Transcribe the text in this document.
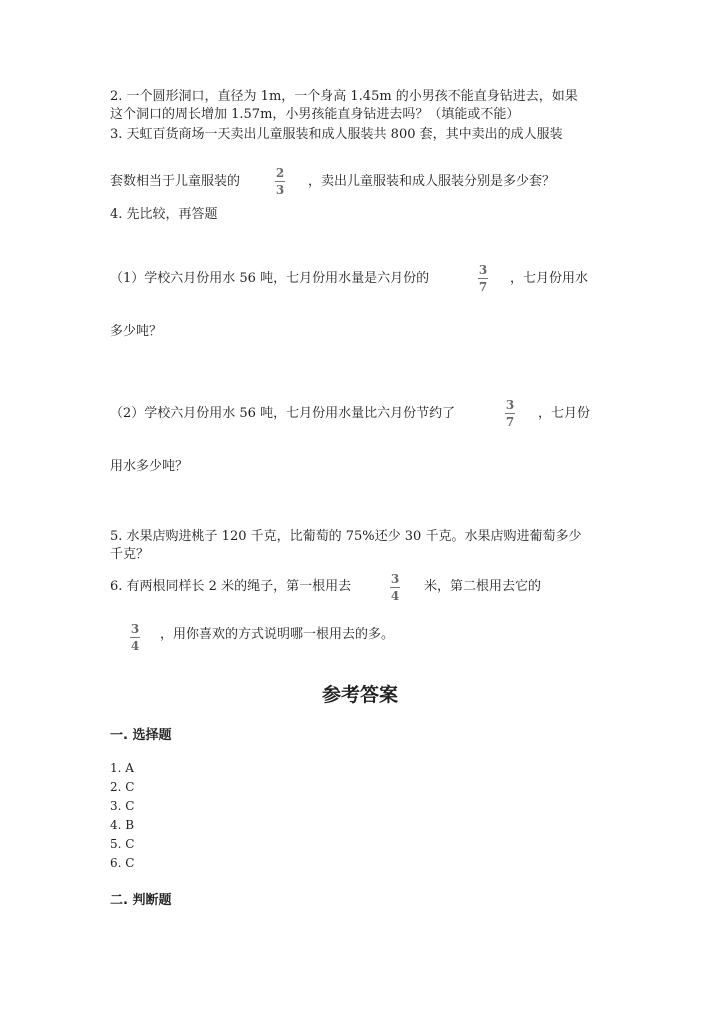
2. 一个圆形洞口，直径为 1m，一个身高 1.45m 的小男孩不能直身钻进去，如果
这个洞口的周长增加 1.57m，小男孩能直身钻进去吗？（填能或不能）
3. 天虹百货商场一天卖出儿童服装和成人服装共 800 套，其中卖出的成人服装
套数相当于儿童服装的
2
3
，卖出儿童服装和成人服装分别是多少套？
4. 先比较，再答题
（1）学校六月份用水 56 吨，七月份用水量是六月份的
3
7
，七月份用水
多少吨？
（2）学校六月份用水 56 吨，七月份用水量比六月份节约了
3
7
，七月份
用水多少吨？
5. 水果店购进桃子 120 千克，比葡萄的 75%还少 30 千克。水果店购进葡萄多少
千克？
6. 有两根同样长 2 米的绳子，第一根用去	3
4
米，第二根用去它的
3
4
，用你喜欢的方式说明哪一根用去的多。
参考答案
一. 选择题
1. A
2. C
3. C
4. B
5. C
6. C
二. 判断题
